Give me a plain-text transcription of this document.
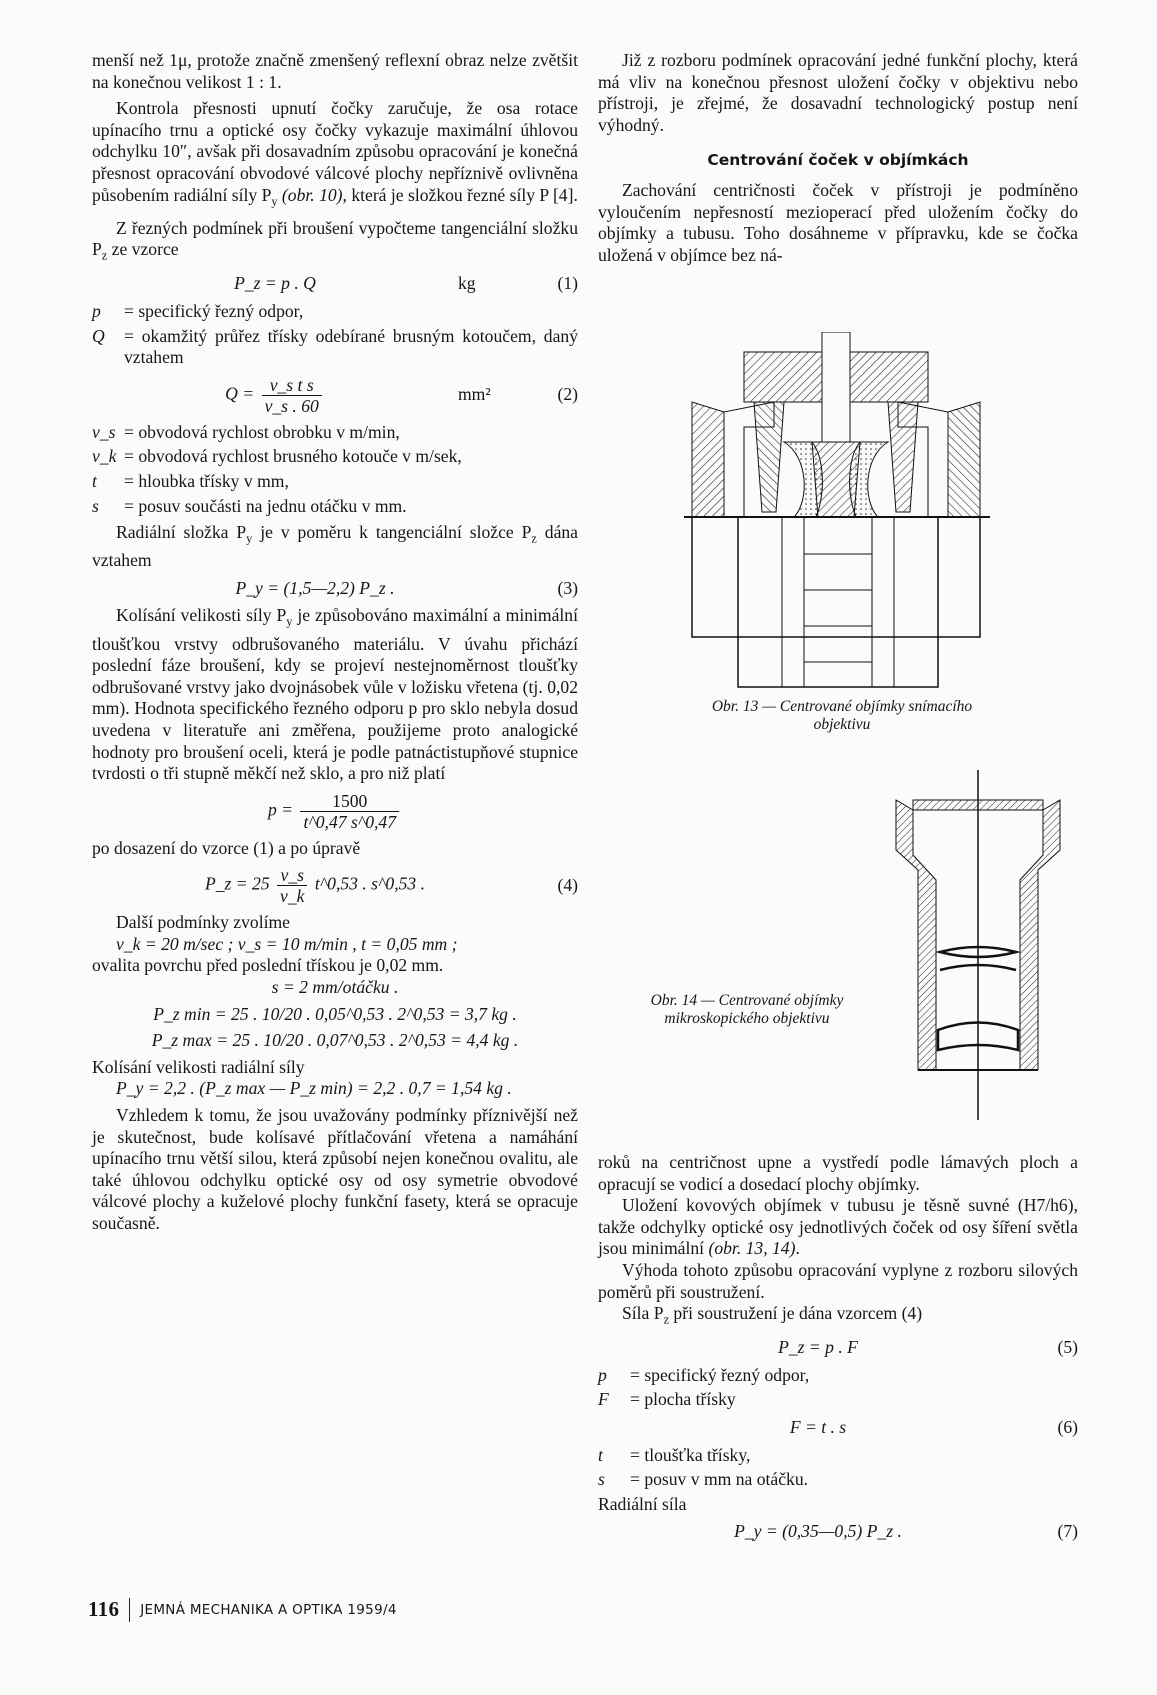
menší než 1μ, protože značně zmenšený reflexní obraz nelze zvětšit na konečnou velikost 1 : 1.

Kontrola přesnosti upnutí čočky zaručuje, že osa rotace upínacího trnu a optické osy čočky vykazuje maximální úhlovou odchylku 10″, avšak při dosavadním způsobu opracování je konečná přesnost opracování obvodové válcové plochy nepříznivě ovlivněna působením radiální síly $P_y$ (obr. 10), která je složkou řezné síly P [4].

Z řezných podmínek při broušení vypočteme tangenciální složku $P_z$ ze vzorce

P_z = p . Q	kg	(1)
p	= specifický řezný odpor,
Q	= okamžitý průřez třísky odebírané brusným kotoučem, daný vztahem
$Q = \frac{\text{v\_s t s}}{v\_s . 60}$	mm²	(2)
v_s = obvodová rychlost obrobku v m/min,
v_k = obvodová rychlost brusného kotouče v m/sek,
t	= hloubka třísky v mm,
s	= posuv součásti na jednu otáčku v mm.

Radiální složka $P_y$ je v poměru k tangenciální složce $P_z$ dána vztahem

P_y = (1,5—2,2) P_z .	(3)

Kolísání velikosti síly $P_y$ je způsobováno maximální a minimální tloušťkou vrstvy odbrušovaného materiálu. V úvahu přichází poslední fáze broušení, kdy se projeví nestejnoměrnost tloušťky odbrušované vrstvy jako dvojnásobek vůle v ložisku vřetena (tj. 0,02 mm). Hodnota specifického řezného odporu p pro sklo nebyla dosud uvedena v literatuře ani změřena, použijeme proto analogické hodnoty pro broušení oceli, která je podle patnáctistupňové stupnice tvrdosti o tři stupně měkčí než sklo, a pro niž platí

$p = \frac{1500}{t\^{}0,47 s\^{}0,47}$

po dosazení do vzorce (1) a po úpravě

P_z = $25 \frac{v\_s}{v\_k}$ t^0,53 . s^0,53 .	(4)

Další podmínky zvolíme

v_k = 20 m/sec ; v_s = 10 m/min , t = 0,05 mm ;

ovalita povrchu před poslední třískou je 0,02 mm.

s = 2 mm/otáčku .

P_z min = 25 . 10/20 . 0,05^0,53 . 2^0,53 = 3,7 kg .

P_z max = 25 . 10/20 . 0,07^0,53 . 2^0,53 = 4,4 kg .

Kolísání velikosti radiální síly

P_y = 2,2 . (P_z max — P_z min) = 2,2 . 0,7 = 1,54 kg .

Vzhledem k tomu, že jsou uvažovány podmínky příznivější než je skutečnost, bude kolísavé přítlačování vřetena a namáhání upínacího trnu větší silou, která způsobí nejen konečnou ovalitu, ale také úhlovou odchylku optické osy od osy symetrie obvodové válcové plochy a kuželové plochy funkční fasety, která se opracuje současně.

Již z rozboru podmínek opracování jedné funkční plochy, která má vliv na konečnou přesnost uložení čočky v objektivu nebo přístroji, je zřejmé, že dosavadní technologický postup není výhodný.

Centrování čoček v objímkách

Zachování centričnosti čoček v přístroji je podmíněno vyloučením nepřesností mezioperací před uložením čočky do objímky a tubusu. Toho dosáhneme v přípravku, kde se čočka uložená v objímce bez ná-

Obr. 13 — Centrované objímky snímacího objektivu
Obr. 14 — Centrované objímky mikroskopického objektivu

roků na centričnost upne a vystředí podle lámavých ploch a opracují se vodicí a dosedací plochy objímky.

Uložení kovových objímek v tubusu je těsně suvné (H7/h6), takže odchylky optické osy jednotlivých čoček od osy šíření světla jsou minimální (obr. 13, 14).

Výhoda tohoto způsobu opracování vyplyne z rozboru silových poměrů při soustružení.

Síla $P_z$ při soustružení je dána vzorcem (4)

P_z = p . F	(5)
p	= specifický řezný odpor,
F	= plocha třísky
F = t . s	(6)
t	= tloušťka třísky,
s	= posuv v mm na otáčku.

Radiální síla

P_y = (0,35—0,5) P_z .	(7)
116 JEMNÁ MECHANIKA A OPTIKA 1959/4
